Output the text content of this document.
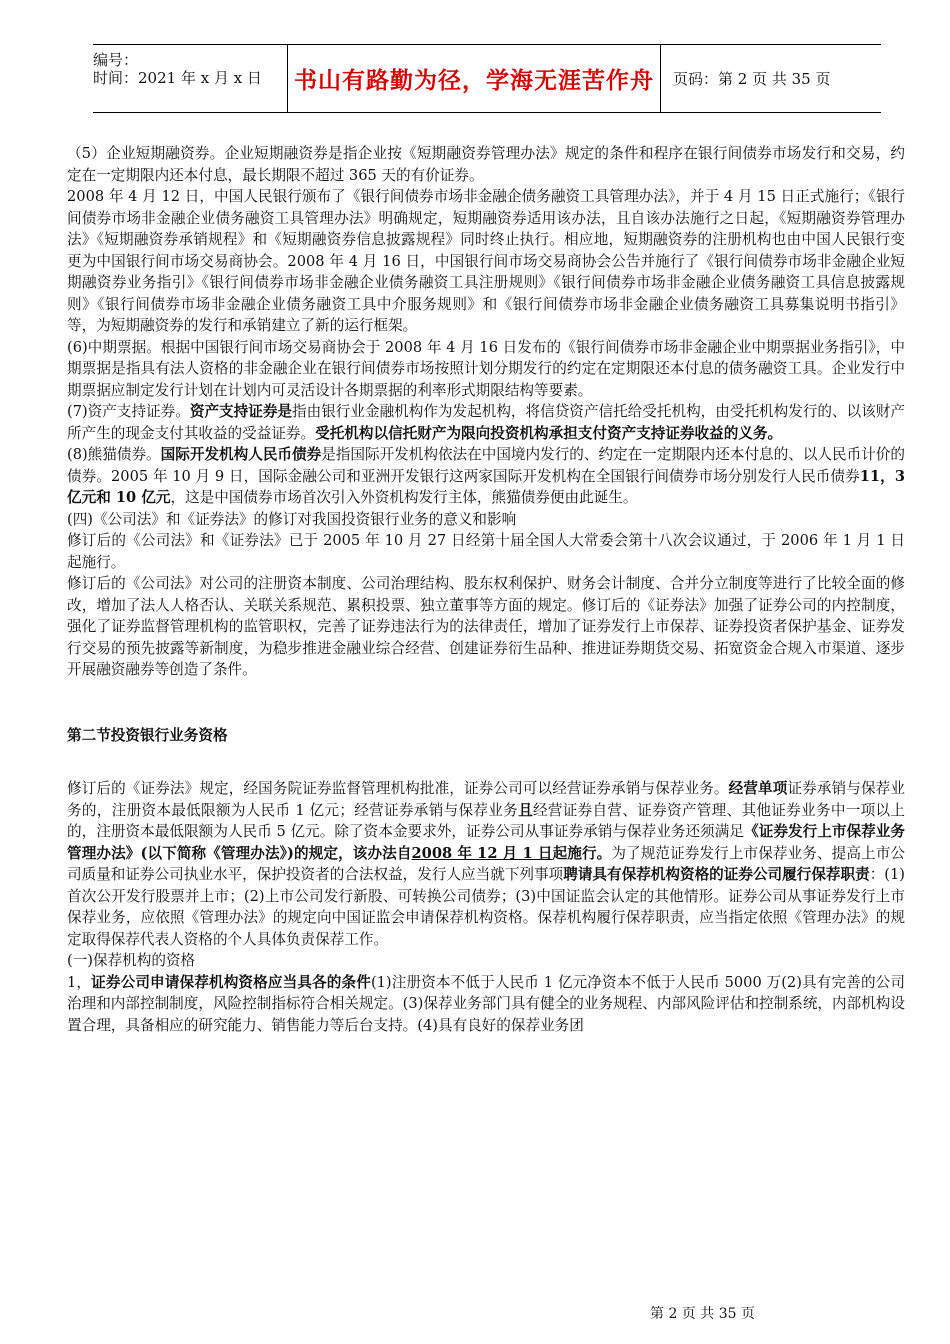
编号：
时间：2021 年 x 月 x 日	书山有路勤为径，学海无涯苦作舟	页码：第 2 页 共 35 页

（5）企业短期融资券。企业短期融资券是指企业按《短期融资券管理办法》规定的条件和程序在银行间债券市场发行和交易，约定在一定期限内还本付息，最长期限不超过 365 天的有价证券。

2008 年 4 月 12 日，中国人民银行颁布了《银行间债券市场非金融企债务融资工具管理办法》，并于 4 月 15 日正式施行；《银行间债券市场非金融企业债务融资工具管理办法》明确规定，短期融资券适用该办法，且自该办法施行之日起，《短期融资券管理办法》《短期融资券承销规程》和《短期融资券信息披露规程》同时终止执行。相应地，短期融资券的注册机构也由中国人民银行变更为中国银行间市场交易商协会。2008 年 4 月 16 日，中国银行间市场交易商协会公告并施行了《银行间债券市场非金融企业短期融资券业务指引》《银行间债券市场非金融企业债务融资工具注册规则》《银行间债券市场非金融企业债务融资工具信息披露规则》《银行间债券市场非金融企业债务融资工具中介服务规则》和《银行间债券市场非金融企业债务融资工具募集说明书指引》等，为短期融资券的发行和承销建立了新的运行框架。

(6)中期票据。根据中国银行间市场交易商协会于 2008 年 4 月 16 日发布的《银行间债券市场非金融企业中期票据业务指引》，中期票据是指具有法人资格的非金融企业在银行间债券市场按照计划分期发行的约定在定期限还本付息的债务融资工具。企业发行中期票据应制定发行计划在计划内可灵活设计各期票据的利率形式期限结构等要素。

(7)资产支持证券。资产支持证券是指由银行业金融机构作为发起机构，将信贷资产信托给受托机构，由受托机构发行的、以该财产所产生的现金支付其收益的受益证券。受托机构以信托财产为限向投资机构承担支付资产支持证券收益的义务。

(8)熊猫债券。国际开发机构人民币债券是指国际开发机构依法在中国境内发行的、约定在一定期限内还本付息的、以人民币计价的债券。2005 年 10 月 9 日，国际金融公司和亚洲开发银行这两家国际开发机构在全国银行间债券市场分别发行人民币债券11，3 亿元和 10 亿元，这是中国债券市场首次引入外资机构发行主体，熊猫债券便由此诞生。

(四)《公司法》和《证券法》的修订对我国投资银行业务的意义和影响

修订后的《公司法》和《证券法》已于 2005 年 10 月 27 日经第十届全国人大常委会第十八次会议通过，于 2006 年 1 月 1 日起施行。

修订后的《公司法》对公司的注册资本制度、公司治理结构、股东权利保护、财务会计制度、合并分立制度等进行了比较全面的修改，增加了法人人格否认、关联关系规范、累积投票、独立董事等方面的规定。修订后的《证券法》加强了证券公司的内控制度，强化了证券监督管理机构的监管职权，完善了证券违法行为的法律责任，增加了证券发行上市保荐、证券投资者保护基金、证券发行交易的预先披露等新制度，为稳步推进金融业综合经营、创建证券衍生品种、推进证券期货交易、拓宽资金合规入市渠道、逐步开展融资融券等创造了条件。

第二节投资银行业务资格

修订后的《证券法》规定，经国务院证券监督管理机构批准，证券公司可以经营证券承销与保荐业务。经营单项证券承销与保荐业务的，注册资本最低限额为人民币 1 亿元；经营证券承销与保荐业务且经营证券自营、证券资产管理、其他证券业务中一项以上的，注册资本最低限额为人民币 5 亿元。除了资本金要求外，证券公司从事证券承销与保荐业务还须满足《证券发行上市保荐业务管理办法》(以下简称《管理办法》)的规定，该办法自2008 年 12 月 1 日起施行。为了规范证券发行上市保荐业务、提高上市公司质量和证券公司执业水平，保护投资者的合法权益，发行人应当就下列事项聘请具有保荐机构资格的证券公司履行保荐职责：(1)首次公开发行股票并上市；(2)上市公司发行新股、可转换公司债券；(3)中国证监会认定的其他情形。证券公司从事证券发行上市保荐业务，应依照《管理办法》的规定向中国证监会申请保荐机构资格。保荐机构履行保荐职责，应当指定依照《管理办法》的规定取得保荐代表人资格的个人具体负责保荐工作。

(一)保荐机构的资格

1，证券公司申请保荐机构资格应当具各的条件(1)注册资本不低于人民币 1 亿元净资本不低于人民币 5000 万(2)具有完善的公司治理和内部控制制度，风险控制指标符合相关规定。(3)保荐业务部门具有健全的业务规程、内部风险评估和控制系统，内部机构设置合理，具备相应的研究能力、销售能力等后台支持。(4)具有良好的保荐业务团

第 2 页 共 35 页
